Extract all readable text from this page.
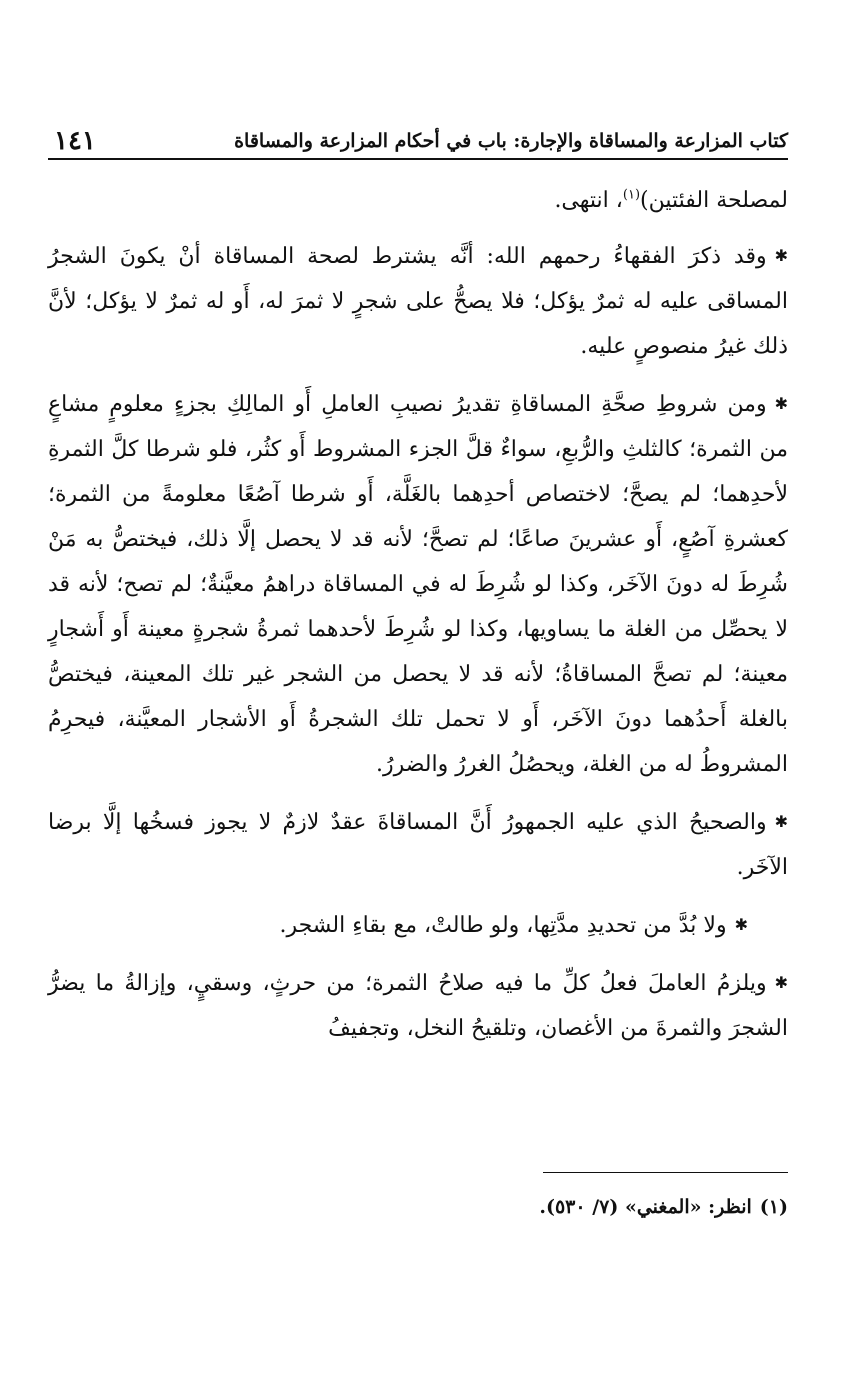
كتاب المزارعة والمساقاة والإجارة: باب في أحكام المزارعة والمساقاة
١٤١

لمصلحة الفئتين)$^{(١)}$، انتهى.

✱وقد ذكرَ الفقهاءُ رحمهم الله: أنَّه يشترط لصحة المساقاة أنْ يكونَ الشجرُ المساقى عليه له ثمرٌ يؤكل؛ فلا يصحُّ على شجرٍ لا ثمرَ له، أَو له ثمرٌ لا يؤكل؛ لأنَّ ذلك غيرُ منصوصٍ عليه.

✱ومن شروطِ صحَّةِ المساقاةِ تقديرُ نصيبِ العاملِ أَو المالِكِ بجزءٍ معلومٍ مشاعٍ من الثمرة؛ كالثلثِ والرُّبعِ، سواءٌ قلَّ الجزء المشروط أَو كثُر، فلو شرطا كلَّ الثمرةِ لأحدِهما؛ لم يصحَّ؛ لاختصاص أحدِهما بالغَلَّة، أَو شرطا آصُعًا معلومةً من الثمرة؛ كعشرةِ آصُعٍ، أَو عشرينَ صاعًا؛ لم تصحَّ؛ لأنه قد لا يحصل إلَّا ذلك، فيختصُّ به مَنْ شُرِطَ له دونَ الآخَر، وكذا لو شُرِطَ له في المساقاة دراهمُ معيَّنةٌ؛ لم تصح؛ لأنه قد لا يحصِّل من الغلة ما يساويها، وكذا لو شُرِطَ لأحدهما ثمرةُ شجرةٍ معينة أَو أَشجارٍ معينة؛ لم تصحَّ المساقاةُ؛ لأنه قد لا يحصل من الشجر غير تلك المعينة، فيختصُّ بالغلة أَحدُهما دونَ الآخَر، أَو لا تحمل تلك الشجرةُ أَو الأشجار المعيَّنة، فيحرِمُ المشروطُ له من الغلة، ويحصُلُ الغررُ والضررُ.

✱والصحيحُ الذي عليه الجمهورُ أَنَّ المساقاةَ عقدٌ لازمٌ لا يجوز فسخُها إلَّا برضا الآخَر.

✱ولا بُدَّ من تحديدِ مدَّتِها، ولو طالتْ، مع بقاءِ الشجر.

✱ويلزمُ العاملَ فعلُ كلِّ ما فيه صلاحُ الثمرة؛ من حرثٍ، وسقيٍ، وإزالةُ ما يضرُّ الشجرَ والثمرةَ من الأغصان، وتلقيحُ النخل، وتجفيفُ

(١)انظر: «المغني» (٧/ ٥٣٠).
